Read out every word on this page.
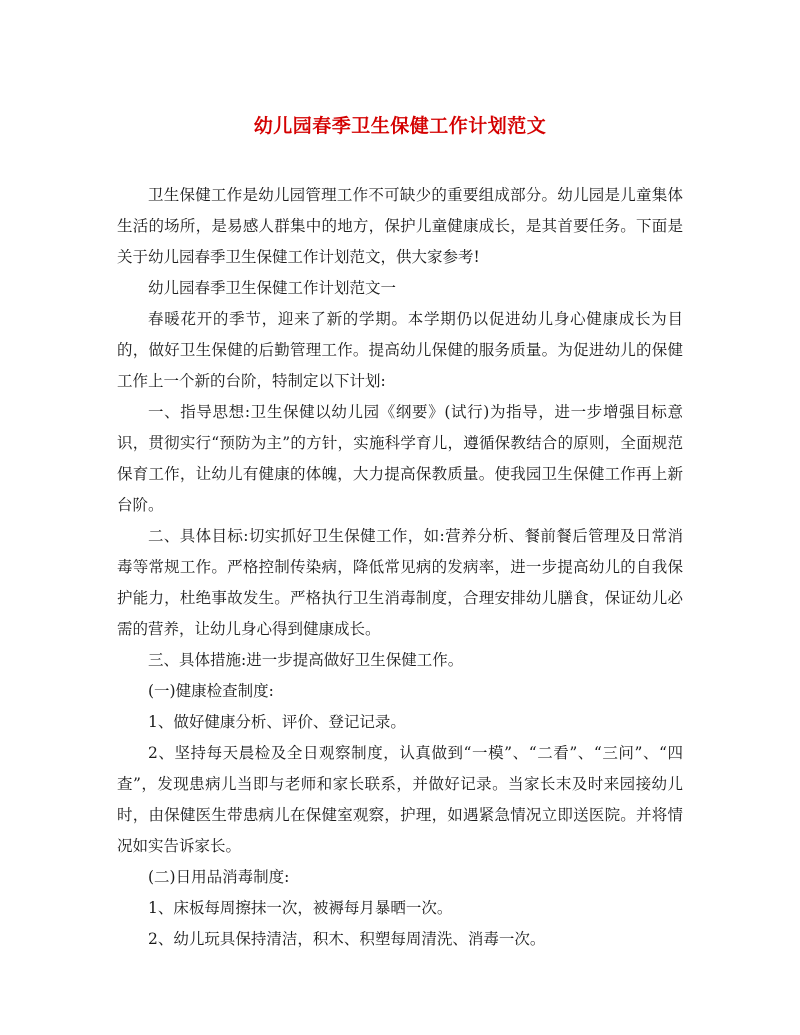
幼儿园春季卫生保健工作计划范文

卫生保健工作是幼儿园管理工作不可缺少的重要组成部分。幼儿园是儿童集体生活的场所，是易感人群集中的地方，保护儿童健康成长，是其首要任务。下面是关于幼儿园春季卫生保健工作计划范文，供大家参考!

幼儿园春季卫生保健工作计划范文一

春暖花开的季节，迎来了新的学期。本学期仍以促进幼儿身心健康成长为目的，做好卫生保健的后勤管理工作。提高幼儿保健的服务质量。为促进幼儿的保健工作上一个新的台阶，特制定以下计划:

一、指导思想:卫生保健以幼儿园《纲要》(试行)为指导，进一步增强目标意识，贯彻实行“预防为主”的方针，实施科学育儿，遵循保教结合的原则，全面规范保育工作，让幼儿有健康的体魄，大力提高保教质量。使我园卫生保健工作再上新台阶。

二、具体目标:切实抓好卫生保健工作，如:营养分析、餐前餐后管理及日常消毒等常规工作。严格控制传染病，降低常见病的发病率，进一步提高幼儿的自我保护能力，杜绝事故发生。严格执行卫生消毒制度，合理安排幼儿膳食，保证幼儿必需的营养，让幼儿身心得到健康成长。

三、具体措施:进一步提高做好卫生保健工作。

(一)健康检查制度:

1、做好健康分析、评价、登记记录。

2、坚持每天晨检及全日观察制度，认真做到“一模”、“二看”、“三问”、“四查”，发现患病儿当即与老师和家长联系，并做好记录。当家长末及时来园接幼儿时，由保健医生带患病儿在保健室观察，护理，如遇紧急情况立即送医院。并将情况如实告诉家长。

(二)日用品消毒制度:

1、床板每周擦抹一次，被褥每月暴晒一次。

2、幼儿玩具保持清洁，积木、积塑每周清洗、消毒一次。
